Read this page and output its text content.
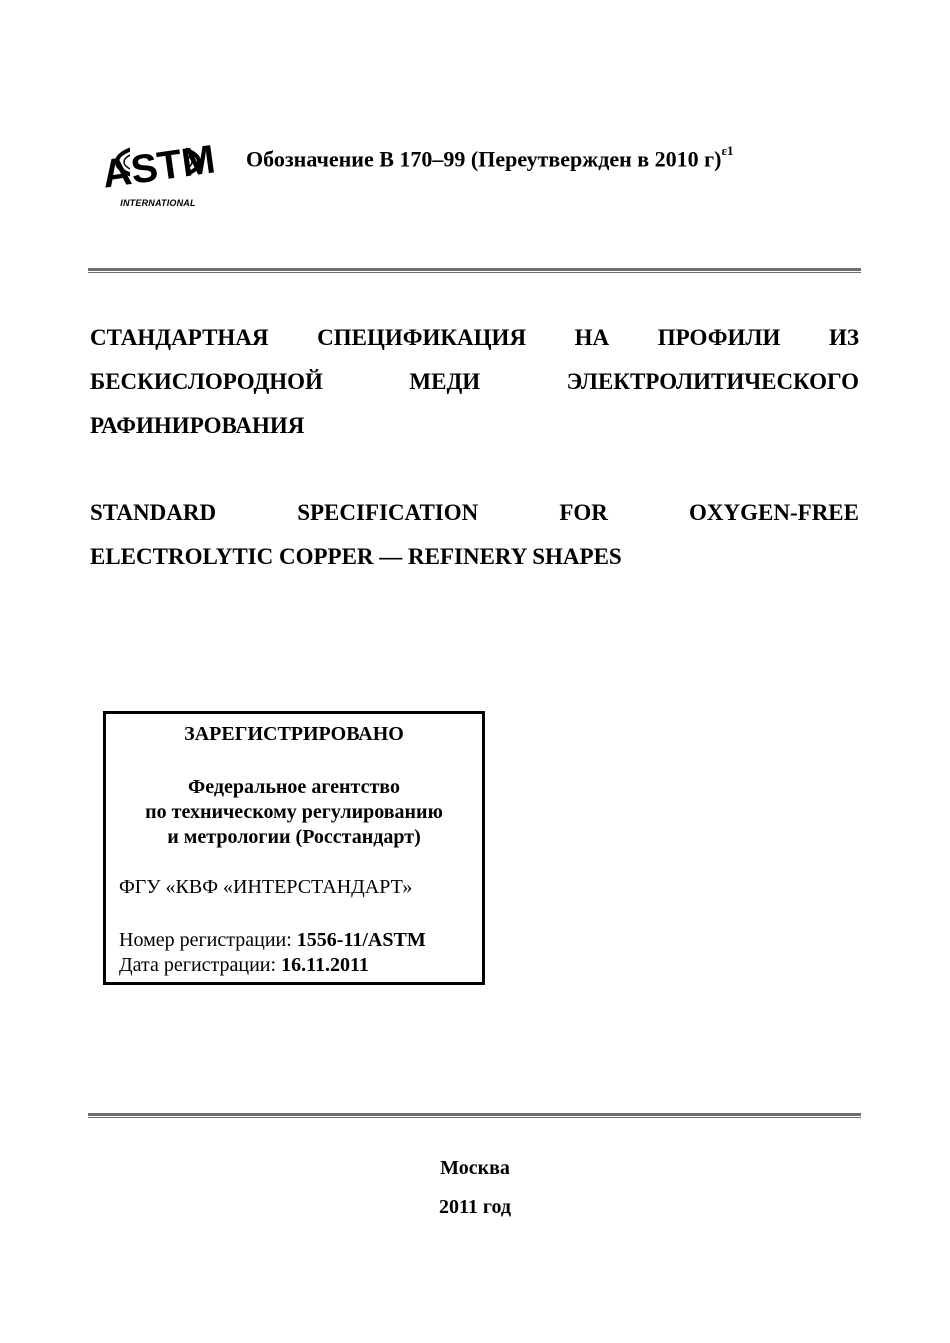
ASTM
INTERNATIONAL
Обозначение В 170–99 (Переутвержден в 2010 г)$^{\varepsilon 1}$
СТАНДАРТНАЯ СПЕЦИФИКАЦИЯ НА ПРОФИЛИ ИЗ
БЕСКИСЛОРОДНОЙ	МЕДИ	ЭЛЕКТРОЛИТИЧЕСКОГО
РАФИНИРОВАНИЯ
STANDARD	SPECIFICATION	FOR	OXYGEN-FREE
ELECTROLYTIC COPPER — REFINERY SHAPES
ЗАРЕГИСТРИРОВАНО
Федеральное агентство
по техническому регулированию
и метрологии (Росстандарт)
ФГУ «КВФ «ИНТЕРСТАНДАРТ»
Номер регистрации: 1556-11/ASTM
Дата регистрации: 16.11.2011
Москва
2011 год
